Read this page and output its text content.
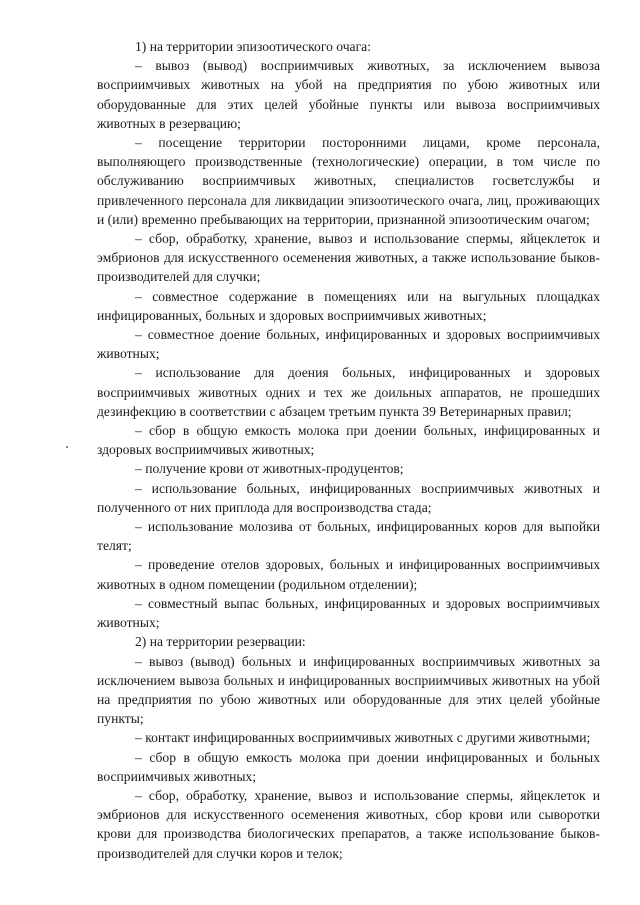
1) на территории эпизоотического очага:

– вывоз (вывод) восприимчивых животных, за исключением вывоза восприимчивых животных на убой на предприятия по убою животных или оборудованные для этих целей убойные пункты или вывоза восприимчивых животных в резервацию;

– посещение территории посторонними лицами, кроме персонала, выполняющего производственные (технологические) операции, в том числе по обслуживанию восприимчивых животных, специалистов госветслужбы и привлеченного персонала для ликвидации эпизоотического очага, лиц, проживающих и (или) временно пребывающих на территории, признанной эпизоотическим очагом;

– сбор, обработку, хранение, вывоз и использование спермы, яйцеклеток и эмбрионов для искусственного осеменения животных, а также использование быков-производителей для случки;

– совместное содержание в помещениях или на выгульных площадках инфицированных, больных и здоровых восприимчивых животных;

– совместное доение больных, инфицированных и здоровых восприимчивых животных;

– использование для доения больных, инфицированных и здоровых восприимчивых животных одних и тех же доильных аппаратов, не прошедших дезинфекцию в соответствии с абзацем третьим пункта 39 Ветеринарных правил;

– сбор в общую емкость молока при доении больных, инфицированных и здоровых восприимчивых животных;

– получение крови от животных-продуцентов;

– использование больных, инфицированных восприимчивых животных и полученного от них приплода для воспроизводства стада;

– использование молозива от больных, инфицированных коров для выпойки телят;

– проведение отелов здоровых, больных и инфицированных восприимчивых животных в одном помещении (родильном отделении);

– совместный выпас больных, инфицированных и здоровых восприимчивых животных;

2) на территории резервации:

– вывоз (вывод) больных и инфицированных восприимчивых животных за исключением вывоза больных и инфицированных восприимчивых животных на убой на предприятия по убою животных или оборудованные для этих целей убойные пункты;

– контакт инфицированных восприимчивых животных с другими животными;

– сбор в общую емкость молока при доении инфицированных и больных восприимчивых животных;

– сбор, обработку, хранение, вывоз и использование спермы, яйцеклеток и эмбрионов для искусственного осеменения животных, сбор крови или сыворотки крови для производства биологических препаратов, а также использование быков-производителей для случки коров и телок;
